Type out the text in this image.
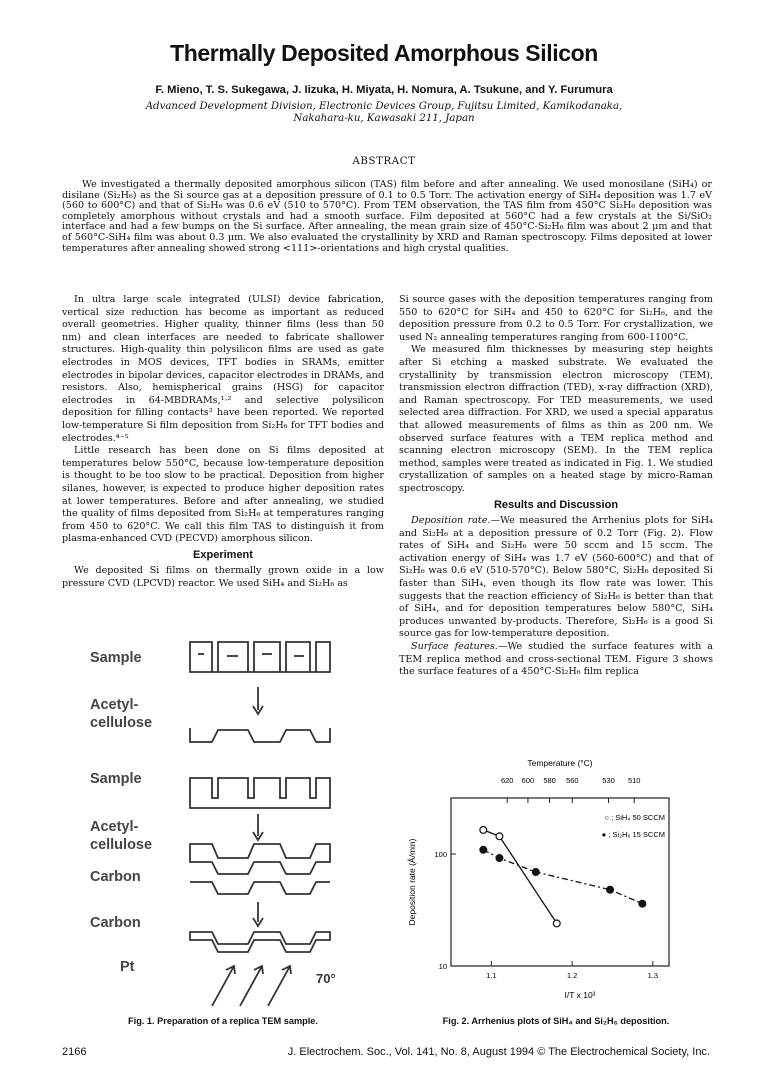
Thermally Deposited Amorphous Silicon
F. Mieno, T. S. Sukegawa, J. Iizuka, H. Miyata, H. Nomura, A. Tsukune, and Y. Furumura
Advanced Development Division, Electronic Devices Group, Fujitsu Limited, Kamikodanaka,
Nakahara-ku, Kawasaki 211, Japan
ABSTRACT
We investigated a thermally deposited amorphous silicon (TAS) film before and after annealing. We used monosilane (SiH₄) or disilane (Si₂H₆) as the Si source gas at a deposition pressure of 0.1 to 0.5 Torr. The activation energy of SiH₄ deposition was 1.7 eV (560 to 600°C) and that of Si₂H₆ was 0.6 eV (510 to 570°C). From TEM observation, the TAS film from 450°C Si₂H₆ deposition was completely amorphous without crystals and had a smooth surface. Film deposited at 560°C had a few crystals at the Si/SiO₂ interface and had a few bumps on the Si surface. After annealing, the mean grain size of 450°C-Si₂H₆ film was about 2 μm and that of 560°C-SiH₄ film was about 0.3 μm. We also evaluated the crystallinity by XRD and Raman spectroscopy. Films deposited at lower temperatures after annealing showed strong <111>-orientations and high crystal qualities.

In ultra large scale integrated (ULSI) device fabrication, vertical size reduction has become as important as reduced overall geometries. Higher quality, thinner films (less than 50 nm) and clean interfaces are needed to fabricate shallower structures. High-quality thin polysilicon films are used as gate electrodes in MOS devices, TFT bodies in SRAMs, emitter electrodes in bipolar devices, capacitor electrodes in DRAMs, and resistors. Also, hemispherical grains (HSG) for capacitor electrodes in 64-MBDRAMs,¹·² and selective polysilicon deposition for filling contacts³ have been reported. We reported low-temperature Si film deposition from Si₂H₆ for TFT bodies and electrodes.⁴⁻⁵

Little research has been done on Si films deposited at temperatures below 550°C, because low-temperature deposition is thought to be too slow to be practical. Deposition from higher silanes, however, is expected to produce higher deposition rates at lower temperatures. Before and after annealing, we studied the quality of films deposited from Si₂H₆ at temperatures ranging from 450 to 620°C. We call this film TAS to distinguish it from plasma-enhanced CVD (PECVD) amorphous silicon.

Experiment

We deposited Si films on thermally grown oxide in a low pressure CVD (LPCVD) reactor. We used SiH₄ and Si₂H₆ as

Si source gases with the deposition temperatures ranging from 550 to 620°C for SiH₄ and 450 to 620°C for Si₂H₆, and the deposition pressure from 0.2 to 0.5 Torr. For crystallization, we used N₂ annealing temperatures ranging from 600-1100°C.

We measured film thicknesses by measuring step heights after Si etching a masked substrate. We evaluated the crystallinity by transmission electron microscopy (TEM), transmission electron diffraction (TED), x-ray diffraction (XRD), and Raman spectroscopy. For TED measurements, we used selected area diffraction. For XRD, we used a special apparatus that allowed measurements of films as thin as 200 nm. We observed surface features with a TEM replica method and scanning electron microscopy (SEM). In the TEM replica method, samples were treated as indicated in Fig. 1. We studied crystallization of samples on a heated stage by micro-Raman spectroscopy.

Results and Discussion

Deposition rate.—We measured the Arrhenius plots for SiH₄ and Si₂H₆ at a deposition pressure of 0.2 Torr (Fig. 2). Flow rates of SiH₄ and Si₂H₆ were 50 sccm and 15 sccm. The activation energy of SiH₄ was 1.7 eV (560-600°C) and that of Si₂H₆ was 0.6 eV (510-570°C). Below 580°C, Si₂H₆ deposited Si faster than SiH₄, even though its flow rate was lower. This suggests that the reaction efficiency of Si₂H₆ is better than that of SiH₄, and for deposition temperatures below 580°C, SiH₄ produces unwanted by-products. Therefore, Si₂H₆ is a good Si source gas for low-temperature deposition.

Surface features.—We studied the surface features with a TEM replica method and cross-sectional TEM. Figure 3 shows the surface features of a 450°C-Si₂H₆ film replica

Sample
Acetyl-
cellulose
Sample
Acetyl-
cellulose
Carbon
Carbon
Pt
70°
Temperature (°C)
620 600 580 560	530 510
1.1	1.2	1.3
100
10
I/T x 10³
Deposition rate (Å/min)
○ ; SiH₄ 50 SCCM
● ; Si₂H₆ 15 SCCM
Fig. 1. Preparation of a replica TEM sample.	Fig. 2. Arrhenius plots of SiH₄ and Si₂H₆ deposition.
2166	J. Electrochem. Soc., Vol. 141, No. 8, August 1994 © The Electrochemical Society, Inc.
